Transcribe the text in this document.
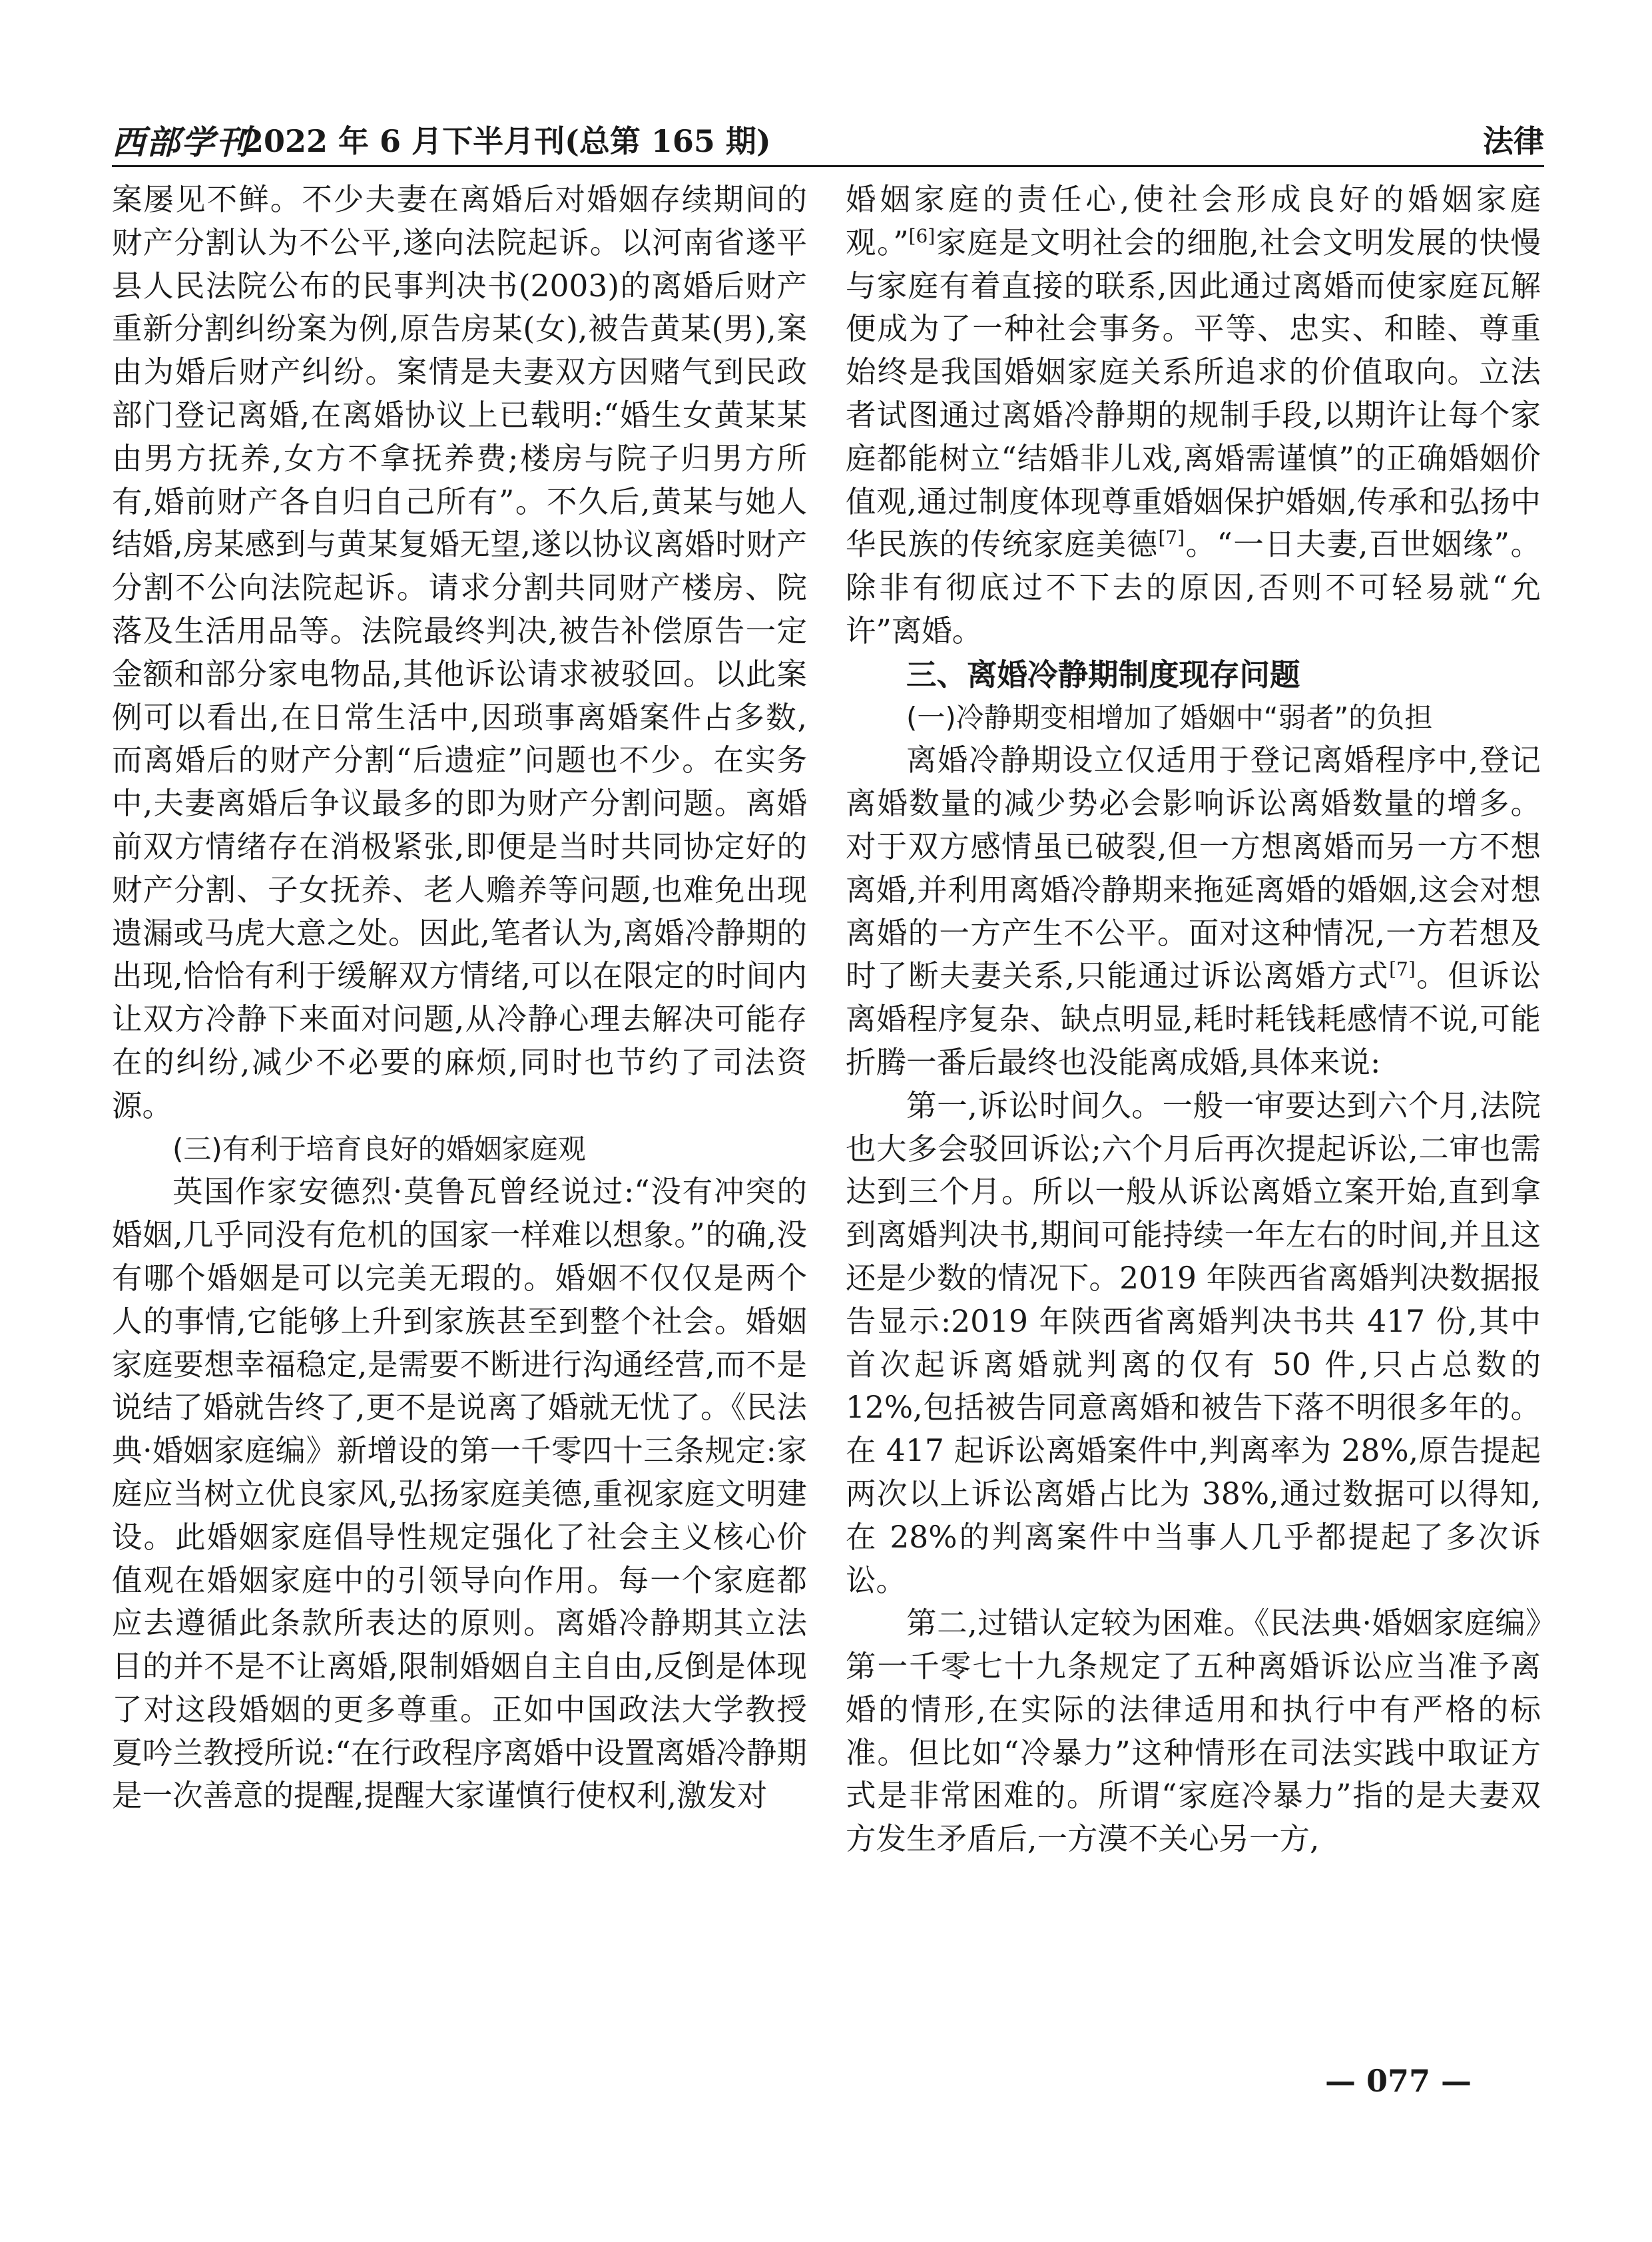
西部学刊
2022 年 6 月下半月刊(总第 165 期)	法律

案屡见不鲜。不少夫妻在离婚后对婚姻存续期间的财产分割认为不公平,遂向法院起诉。以河南省遂平县人民法院公布的民事判决书(2003)的离婚后财产重新分割纠纷案为例,原告房某(女),被告黄某(男),案由为婚后财产纠纷。案情是夫妻双方因赌气到民政部门登记离婚,在离婚协议上已载明:“婚生女黄某某由男方抚养,女方不拿抚养费;楼房与院子归男方所有,婚前财产各自归自己所有”。不久后,黄某与她人结婚,房某感到与黄某复婚无望,遂以协议离婚时财产分割不公向法院起诉。请求分割共同财产楼房、院落及生活用品等。法院最终判决,被告补偿原告一定金额和部分家电物品,其他诉讼请求被驳回。以此案例可以看出,在日常生活中,因琐事离婚案件占多数,而离婚后的财产分割“后遗症”问题也不少。在实务中,夫妻离婚后争议最多的即为财产分割问题。离婚前双方情绪存在消极紧张,即便是当时共同协定好的财产分割、子女抚养、老人赡养等问题,也难免出现遗漏或马虎大意之处。因此,笔者认为,离婚冷静期的出现,恰恰有利于缓解双方情绪,可以在限定的时间内让双方冷静下来面对问题,从冷静心理去解决可能存在的纠纷,减少不必要的麻烦,同时也节约了司法资源。

(三)有利于培育良好的婚姻家庭观

英国作家安德烈·莫鲁瓦曾经说过:“没有冲突的婚姻,几乎同没有危机的国家一样难以想象。”的确,没有哪个婚姻是可以完美无瑕的。婚姻不仅仅是两个人的事情,它能够上升到家族甚至到整个社会。婚姻家庭要想幸福稳定,是需要不断进行沟通经营,而不是说结了婚就告终了,更不是说离了婚就无忧了。《民法典·婚姻家庭编》新增设的第一千零四十三条规定:家庭应当树立优良家风,弘扬家庭美德,重视家庭文明建设。此婚姻家庭倡导性规定强化了社会主义核心价值观在婚姻家庭中的引领导向作用。每一个家庭都应去遵循此条款所表达的原则。离婚冷静期其立法目的并不是不让离婚,限制婚姻自主自由,反倒是体现了对这段婚姻的更多尊重。正如中国政法大学教授夏吟兰教授所说:“在行政程序离婚中设置离婚冷静期是一次善意的提醒,提醒大家谨慎行使权利,激发对

婚姻家庭的责任心,使社会形成良好的婚姻家庭观。”[6]家庭是文明社会的细胞,社会文明发展的快慢与家庭有着直接的联系,因此通过离婚而使家庭瓦解便成为了一种社会事务。平等、忠实、和睦、尊重始终是我国婚姻家庭关系所追求的价值取向。立法者试图通过离婚冷静期的规制手段,以期许让每个家庭都能树立“结婚非儿戏,离婚需谨慎”的正确婚姻价值观,通过制度体现尊重婚姻保护婚姻,传承和弘扬中华民族的传统家庭美德[7]。“一日夫妻,百世姻缘”。除非有彻底过不下去的原因,否则不可轻易就“允许”离婚。

三、离婚冷静期制度现存问题

(一)冷静期变相增加了婚姻中“弱者”的负担

离婚冷静期设立仅适用于登记离婚程序中,登记离婚数量的减少势必会影响诉讼离婚数量的增多。对于双方感情虽已破裂,但一方想离婚而另一方不想离婚,并利用离婚冷静期来拖延离婚的婚姻,这会对想离婚的一方产生不公平。面对这种情况,一方若想及时了断夫妻关系,只能通过诉讼离婚方式[7]。但诉讼离婚程序复杂、缺点明显,耗时耗钱耗感情不说,可能折腾一番后最终也没能离成婚,具体来说:

第一,诉讼时间久。一般一审要达到六个月,法院也大多会驳回诉讼;六个月后再次提起诉讼,二审也需达到三个月。所以一般从诉讼离婚立案开始,直到拿到离婚判决书,期间可能持续一年左右的时间,并且这还是少数的情况下。2019 年陕西省离婚判决数据报告显示:2019 年陕西省离婚判决书共 417 份,其中首次起诉离婚就判离的仅有 50 件,只占总数的 12%,包括被告同意离婚和被告下落不明很多年的。在 417 起诉讼离婚案件中,判离率为 28%,原告提起两次以上诉讼离婚占比为 38%,通过数据可以得知,在 28%的判离案件中当事人几乎都提起了多次诉讼。

第二,过错认定较为困难。《民法典·婚姻家庭编》第一千零七十九条规定了五种离婚诉讼应当准予离婚的情形,在实际的法律适用和执行中有严格的标准。但比如“冷暴力”这种情形在司法实践中取证方式是非常困难的。所谓“家庭冷暴力”指的是夫妻双方发生矛盾后,一方漠不关心另一方,

— 077 —
